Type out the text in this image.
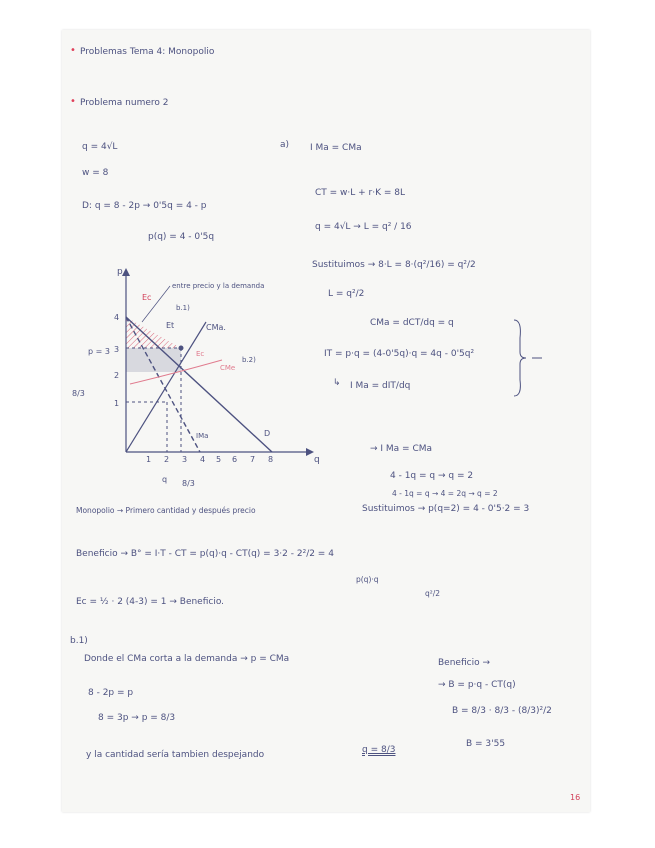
• Problemas Tema 4: Monopolio
• Problema numero 2
q = 4√L
w = 8
D: q = 8 - 2p → 0'5q = 4 - p
p(q) = 4 - 0'5q
a) I Ma = CMa
CT = w·L + r·K = 8L
q = 4√L → L = q² / 16
Sustituimos → 8·L = 8·(q²/16) = q²/2
L = q²/2
CMa = dCT/dq = q
IT = p·q = (4-0'5q)·q = 4q - 0'5q²
↳ I Ma = dIT/dq
→ I Ma = CMa
4 - 1q = q → q = 2
4 - 1q = q → 4 = 2q → q = 2
Sustituimos → p(q=2) = 4 - 0'5·2 = 3
4
3
2
1
1 2 3 4 5 6 7 8
p
q
entre precio y la demanda
Ec
Et
b.1)
CMa.
Ec
CMe
b.2)
IMa	D
p = 3
8/3
8/3
q
Monopolio → Primero cantidad y después precio
Beneficio → B° = I·T - CT = p(q)·q - CT(q) = 3·2 - 2²/2 = 4
p(q)·q
q²/2
Ec = ½ · 2 (4-3) = 1 → Beneficio.
b.1)
Donde el CMa corta a la demanda → p = CMa
8 - 2p = p
8 = 3p → p = 8/3
y la cantidad sería tambien despejando	q = 8/3
Beneficio →
→ B = p·q - CT(q)
B = 8/3 · 8/3 - (8/3)²/2
B = 3'55
16
